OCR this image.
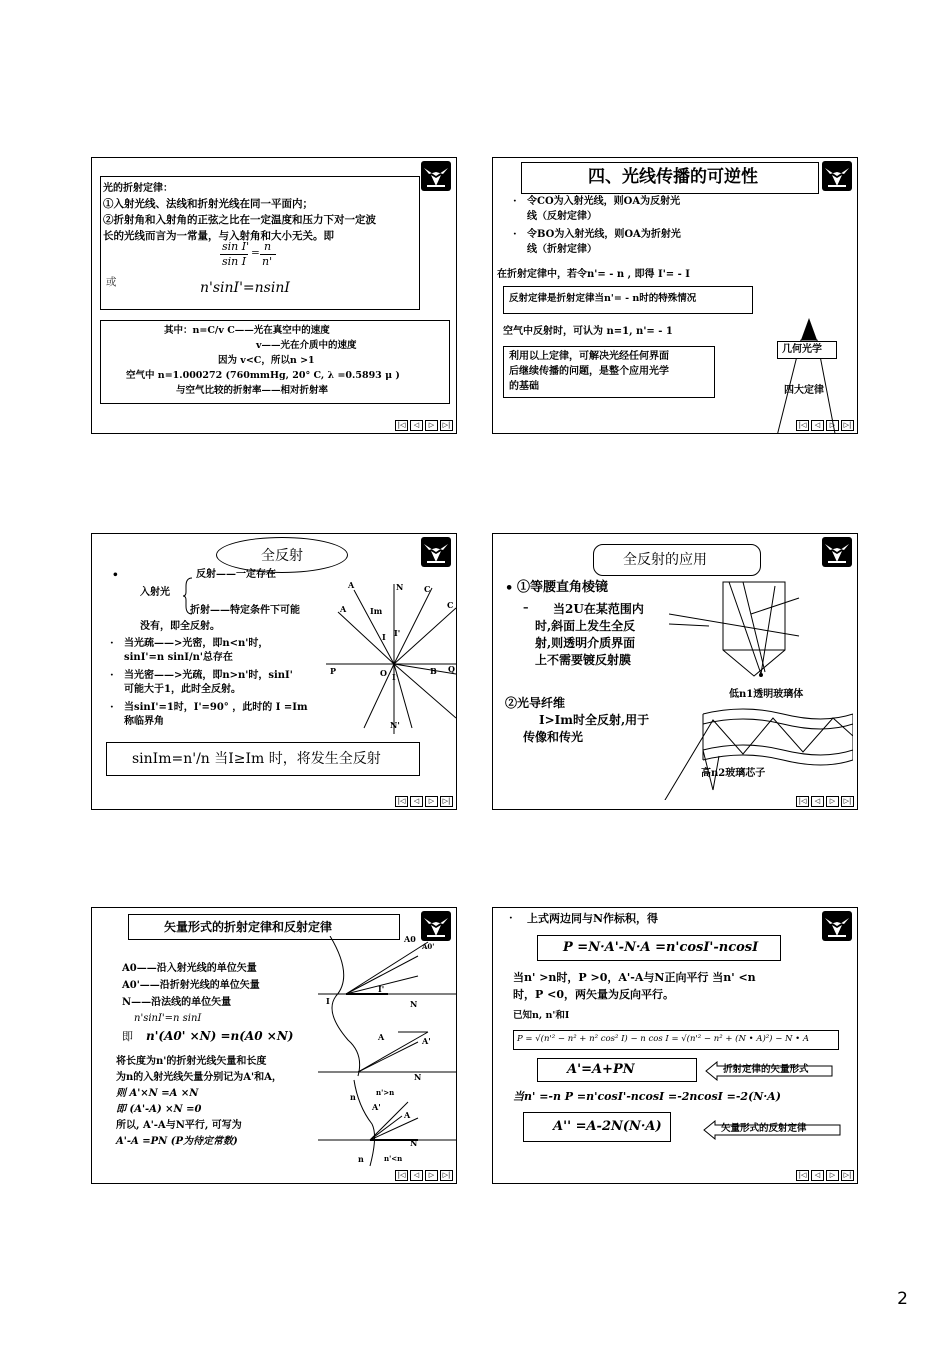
光的折射定律：
①入射光线、法线和折射光线在同一平面内；
②折射角和入射角的正弦之比在一定温度和压力下对一定波
长的光线而言为一常量，与入射角和大小无关。即
sin I'
sin I
= n
n'
或	n'sinI'=nsinI
其中：n=C/v C——光在真空中的速度
v——光在介质中的速度
因为 v<C，所以n >1
空气中 n=1.000272 (760mmHg, 20° C, λ =0.5893 μ )
与空气比较的折射率——相对折射率
|◁	◁	▷	▷|
四、光线传播的可逆性
· 令CO为入射光线，则OA为反射光
线（反射定律）
· 令BO为入射光线，则OA为折射光
线（折射定律）
在折射定律中，若令n'= - n , 即得 I'= - I
反射定律是折射定律当n'= - n时的特殊情况
空气中反射时，可认为 n=1, n'= - 1
利用以上定律，可解决光经任何界面
后继续传播的问题，是整个应用光学
的基础
几何光学
四大定律
|◁	◁	▷	▷|
全反射
•	反射——一定存在
入射光
折射——特定条件下可能
没有，即全反射。
· 当光疏——>光密，即n<n'时，
sinI'=n sinI/n'总存在
· 当光密——>光疏，即n>n'时，sinI'
可能大于1，此时全反射。
· 当sinI'=1时，I'=90° ，此时的 I =Im
称临界角
A	N	C
A	Im
C
I I'
P	O	B Q
I'
N'
sinIm=n'/n 当I≥Im 时，将发生全反射
|◁	◁	▷	▷|
全反射的应用
• ①等腰直角棱镜
– 当2U在某范围内
时,斜面上发生全反
射,则透明介质界面
上不需要镀反射膜
②光导纤维
I>Im时全反射,用于
传像和传光
低n1透明玻璃体
高n2玻璃芯子
|◁	◁	▷	▷|
矢量形式的折射定律和反射定律
A0——沿入射光线的单位矢量
A0'——沿折射光线的单位矢量
N——沿法线的单位矢量
n'sinI'=n sinI
即 n'(A0' ×N) =n(A0 ×N)
将长度为n'的折射光线矢量和长度
为n的入射光线矢量分别记为A'和A，
则 A'×N =A ×N
即 (A'-A) ×N =0
所以, A'-A与N平行, 可写为
A'-A =PN (P为待定常数)
A0
A0'
I
I'
N
A	A'
N
n	n'>n
A'
A
N
n	n'<n
|◁	◁	▷	▷|
· 上式两边同与N作标积，得
P =N·A'-N·A =n'cosI'-ncosI
当n' >n时，P >0，A'-A与N正向平行 当n' <n
时，P <0，两矢量为反向平行。
已知n, n'和I
P = √(n'² − n² + n² cos² I) − n cos I = √(n'² − n² + (N • A)²) − N • A
A'=A+PN	折射定律的矢量形式
当n' =-n P =n'cosI'-ncosI =-2ncosI =-2(N·A)
A'' =A-2N(N·A)	矢量形式的反射定律
|◁	◁	▷	▷|
2
